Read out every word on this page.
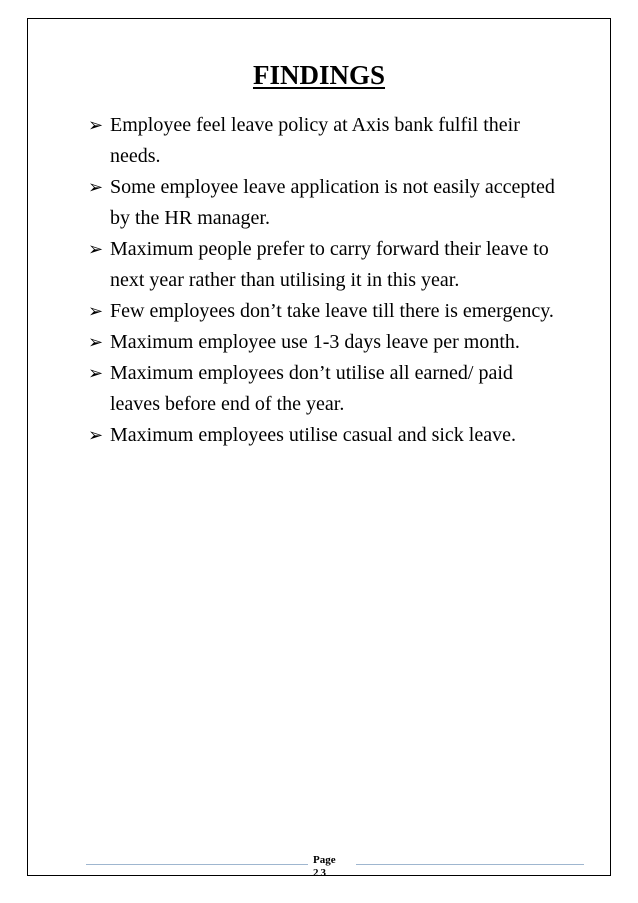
FINDINGS
➢ Employee feel leave policy at Axis bank fulfil their needs.
➢ Some employee leave application is not easily accepted by the HR manager.
➢ Maximum people prefer to carry forward their leave to next year rather than utilising it in this year.
➢ Few employees don’t take leave till there is emergency.
➢ Maximum employee use 1-3 days leave per month.
➢ Maximum employees don’t utilise all earned/ paid leaves before end of the year.
➢ Maximum employees utilise casual and sick leave.
Page
23
